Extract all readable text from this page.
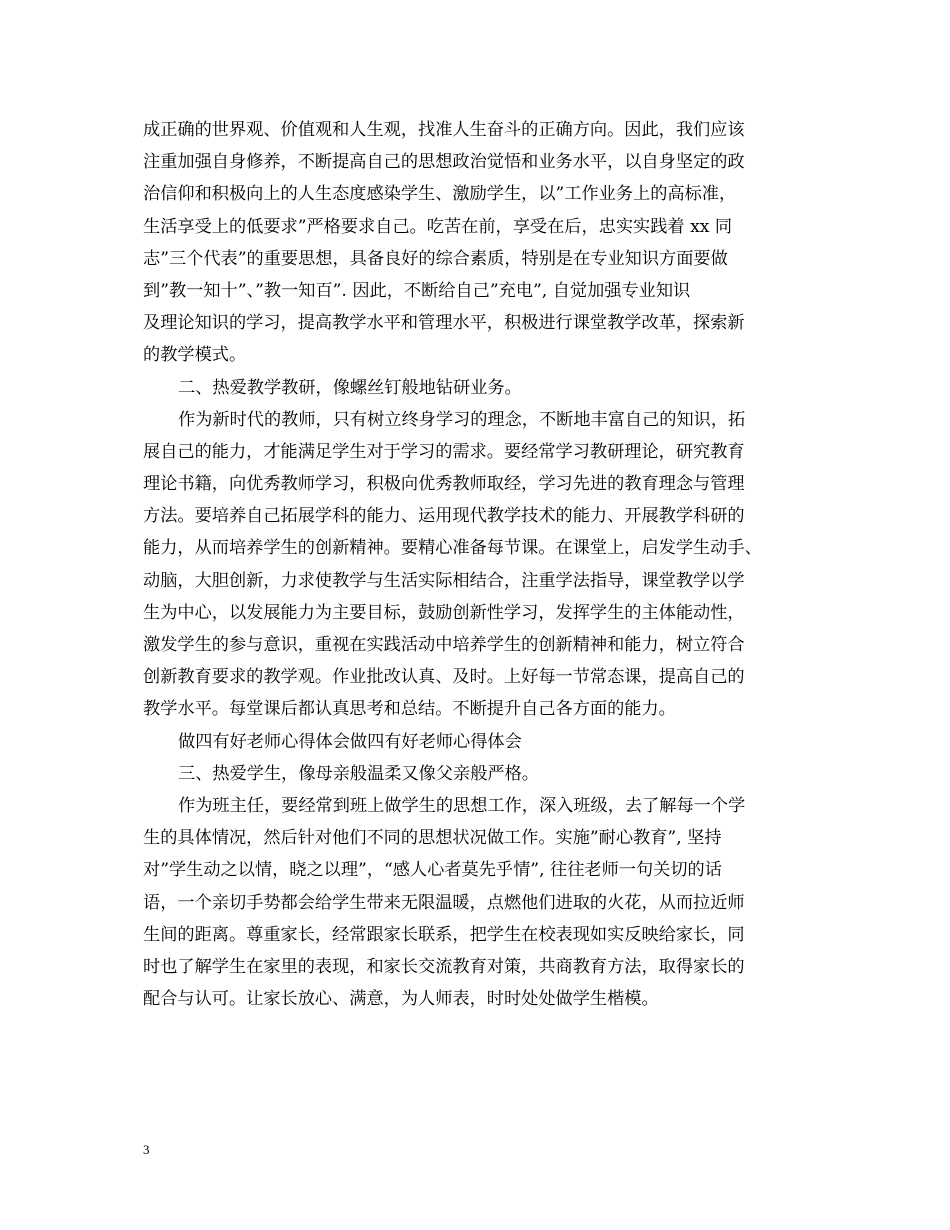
成正确的世界观、价值观和人生观，找准人生奋斗的正确方向。因此，我们应该
注重加强自身修养，不断提高自己的思想政治觉悟和业务水平，以自身坚定的政
治信仰和积极向上的人生态度感染学生、激励学生，以”工作业务上的高标准，
生活享受上的低要求”严格要求自己。吃苦在前，享受在后，忠实实践着 xx 同
志”三个代表”的重要思想，具备良好的综合素质，特别是在专业知识方面要做
到”教一知十”、”教一知百”. 因此，不断给自己”充电”, 自觉加强专业知识
及理论知识的学习，提高教学水平和管理水平，积极进行课堂教学改革，探索新
的教学模式。
二、热爱教学教研，像螺丝钉般地钻研业务。
作为新时代的教师，只有树立终身学习的理念，不断地丰富自己的知识，拓
展自己的能力，才能满足学生对于学习的需求。要经常学习教研理论，研究教育
理论书籍，向优秀教师学习，积极向优秀教师取经，学习先进的教育理念与管理
方法。要培养自己拓展学科的能力、运用现代教学技术的能力、开展教学科研的
能力，从而培养学生的创新精神。要精心准备每节课。在课堂上，启发学生动手、
动脑，大胆创新，力求使教学与生活实际相结合，注重学法指导，课堂教学以学
生为中心，以发展能力为主要目标，鼓励创新性学习，发挥学生的主体能动性，
激发学生的参与意识，重视在实践活动中培养学生的创新精神和能力，树立符合
创新教育要求的教学观。作业批改认真、及时。上好每一节常态课，提高自己的
教学水平。每堂课后都认真思考和总结。不断提升自己各方面的能力。
做四有好老师心得体会做四有好老师心得体会
三、热爱学生，像母亲般温柔又像父亲般严格。
作为班主任，要经常到班上做学生的思想工作，深入班级，去了解每一个学
生的具体情况，然后针对他们不同的思想状况做工作。实施”耐心教育”, 坚持
对”学生动之以情，晓之以理”，“感人心者莫先乎情”, 往往老师一句关切的话
语，一个亲切手势都会给学生带来无限温暖，点燃他们进取的火花，从而拉近师
生间的距离。尊重家长，经常跟家长联系，把学生在校表现如实反映给家长，同
时也了解学生在家里的表现，和家长交流教育对策，共商教育方法，取得家长的
配合与认可。让家长放心、满意，为人师表，时时处处做学生楷模。
3
